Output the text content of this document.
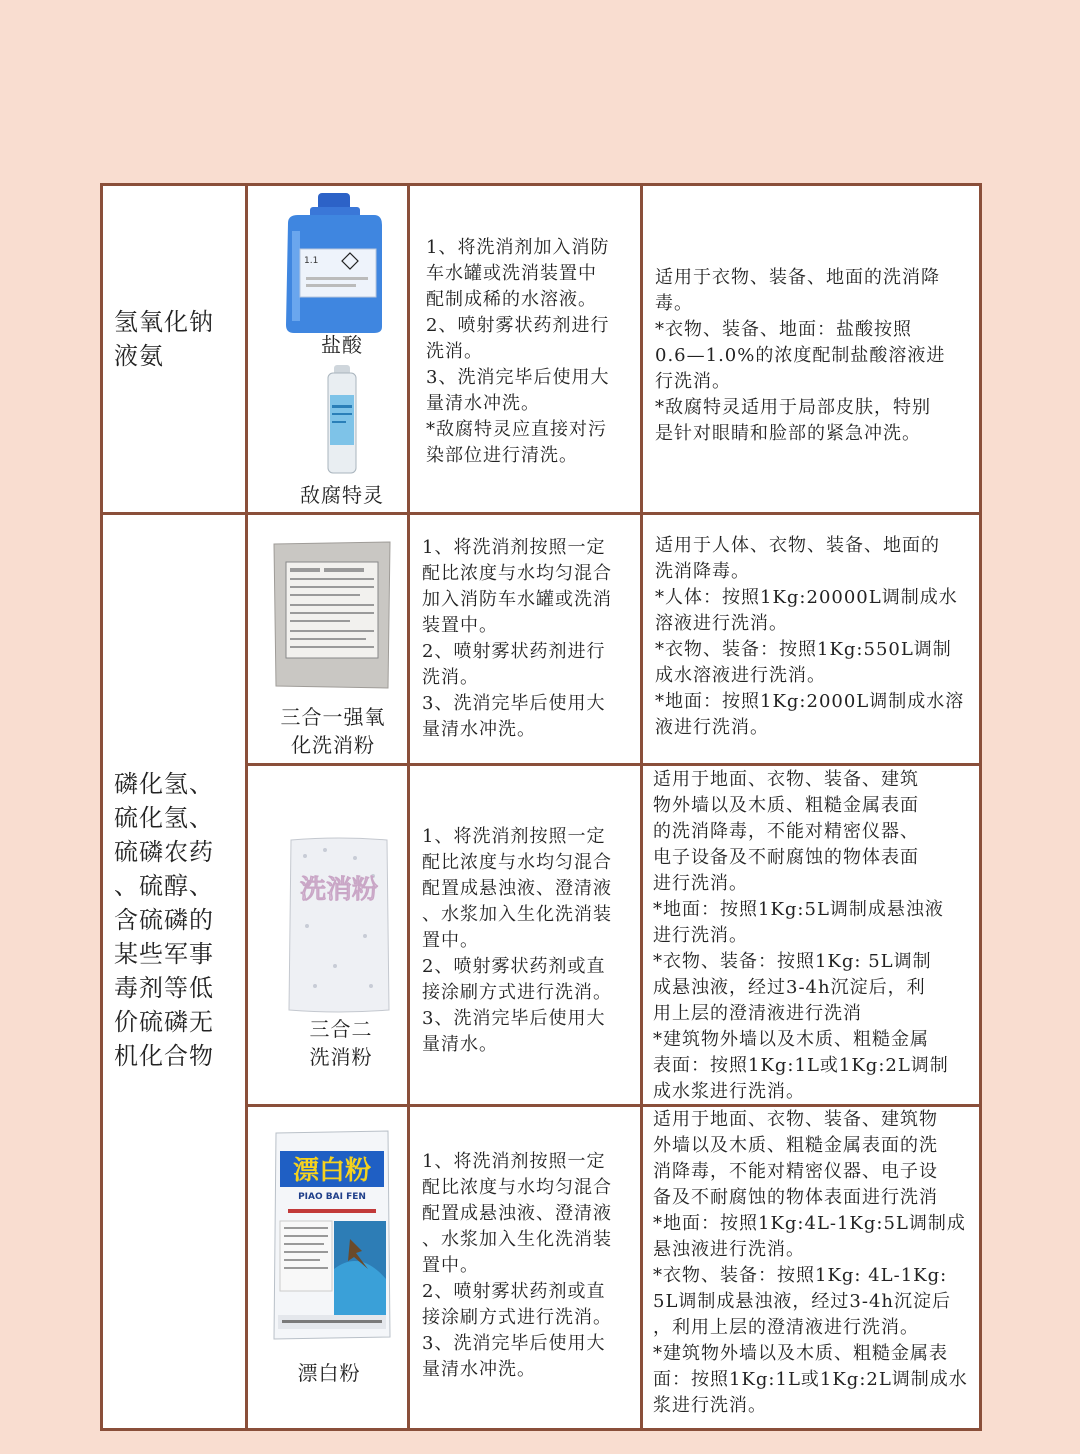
氢氧化钠
液氨
1.1
盐酸
敌腐特灵
1、将洗消剂加入消防
车水罐或洗消装置中
配制成稀的水溶液。
2、喷射雾状药剂进行
洗消。
3、洗消完毕后使用大
量清水冲洗。
*敌腐特灵应直接对污
染部位进行清洗。
适用于衣物、装备、地面的洗消降
毒。
*衣物、装备、地面：盐酸按照
0.6—1.0%的浓度配制盐酸溶液进
行洗消。
*敌腐特灵适用于局部皮肤，特别
是针对眼睛和脸部的紧急冲洗。
磷化氢、
硫化氢、
硫磷农药
、硫醇、
含硫磷的
某些军事
毒剂等低
价硫磷无
机化合物
三合一强氧
化洗消粉
1、将洗消剂按照一定
配比浓度与水均匀混合
加入消防车水罐或洗消
装置中。
2、喷射雾状药剂进行
洗消。
3、洗消完毕后使用大
量清水冲洗。
适用于人体、衣物、装备、地面的
洗消降毒。
*人体：按照1Kg:20000L调制成水
溶液进行洗消。
*衣物、装备：按照1Kg:550L调制
成水溶液进行洗消。
*地面：按照1Kg:2000L调制成水溶
液进行洗消。
洗消粉
三合二
洗消粉
1、将洗消剂按照一定
配比浓度与水均匀混合
配置成悬浊液、澄清液
、水浆加入生化洗消装
置中。
2、喷射雾状药剂或直
接涂刷方式进行洗消。
3、洗消完毕后使用大
量清水。
适用于地面、衣物、装备、建筑
物外墙以及木质、粗糙金属表面
的洗消降毒，不能对精密仪器、
电子设备及不耐腐蚀的物体表面
进行洗消。
*地面：按照1Kg:5L调制成悬浊液
进行洗消。
*衣物、装备：按照1Kg: 5L调制
成悬浊液，经过3-4h沉淀后，利
用上层的澄清液进行洗消
*建筑物外墙以及木质、粗糙金属
表面：按照1Kg:1L或1Kg:2L调制
成水浆进行洗消。
漂白粉
PIAO BAI FEN
漂白粉
1、将洗消剂按照一定
配比浓度与水均匀混合
配置成悬浊液、澄清液
、水浆加入生化洗消装
置中。
2、喷射雾状药剂或直
接涂刷方式进行洗消。
3、洗消完毕后使用大
量清水冲洗。
适用于地面、衣物、装备、建筑物
外墙以及木质、粗糙金属表面的洗
消降毒，不能对精密仪器、电子设
备及不耐腐蚀的物体表面进行洗消
*地面：按照1Kg:4L-1Kg:5L调制成
悬浊液进行洗消。
*衣物、装备：按照1Kg: 4L-1Kg:
5L调制成悬浊液，经过3-4h沉淀后
，利用上层的澄清液进行洗消。
*建筑物外墙以及木质、粗糙金属表
面：按照1Kg:1L或1Kg:2L调制成水
浆进行洗消。
